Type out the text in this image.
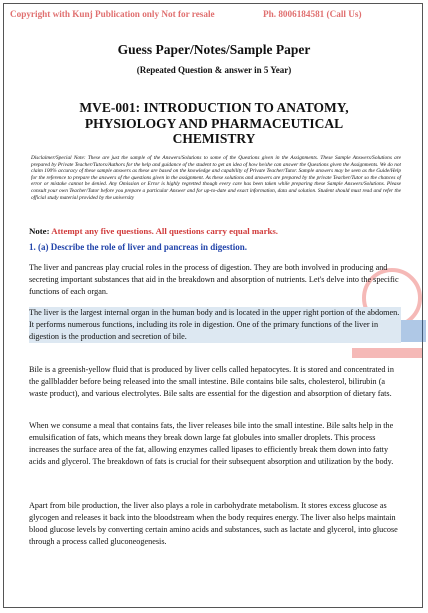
Copyright with Kunj Publication only Not for resale	Ph. 8006184581 (Call Us)
Guess Paper/Notes/Sample Paper
(Repeated Question & answer in 5 Year)
MVE-001: INTRODUCTION TO ANATOMY,
PHYSIOLOGY AND PHARMACEUTICAL
CHEMISTRY
Disclaimer/Special Note: These are just the sample of the Answers/Solutions to some of the Questions given in the Assignments. These Sample Answers/Solutions are prepared by Private Teacher/Tutors/Authors for the help and guidance of the student to get an idea of how he/she can answer the Questions given the Assignments. We do not claim 100% accuracy of these sample answers as these are based on the knowledge and capability of Private Teacher/Tutor. Sample answers may be seen as the Guide/Help for the reference to prepare the answers of the questions given in the assignment. As these solutions and answers are prepared by the private Teacher/Tutor so the chances of error or mistake cannot be denied. Any Omission or Error is highly regretted though every care has been taken while preparing these Sample Answers/Solutions. Please consult your own Teacher/Tutor before you prepare a particular Answer and for up-to-date and exact information, data and solution. Student should must read and refer the official study material provided by the university
Note: Attempt any five questions. All questions carry equal marks.
1. (a) Describe the role of liver and pancreas in digestion.
The liver and pancreas play crucial roles in the process of digestion. They are both involved in producing and secreting important substances that aid in the breakdown and absorption of nutrients. Let's delve into the specific functions of each organ.
The liver is the largest internal organ in the human body and is located in the upper right portion of the abdomen. It performs numerous functions, including its role in digestion. One of the primary functions of the liver in digestion is the production and secretion of bile.
Bile is a greenish-yellow fluid that is produced by liver cells called hepatocytes. It is stored and concentrated in the gallbladder before being released into the small intestine. Bile contains bile salts, cholesterol, bilirubin (a waste product), and various electrolytes. Bile salts are essential for the digestion and absorption of dietary fats.
When we consume a meal that contains fats, the liver releases bile into the small intestine. Bile salts help in the emulsification of fats, which means they break down large fat globules into smaller droplets. This process increases the surface area of the fat, allowing enzymes called lipases to efficiently break them down into fatty acids and glycerol. The breakdown of fats is crucial for their subsequent absorption and utilization by the body.
Apart from bile production, the liver also plays a role in carbohydrate metabolism. It stores excess glucose as glycogen and releases it back into the bloodstream when the body requires energy. The liver also helps maintain blood glucose levels by converting certain amino acids and substances, such as lactate and glycerol, into glucose through a process called gluconeogenesis.
